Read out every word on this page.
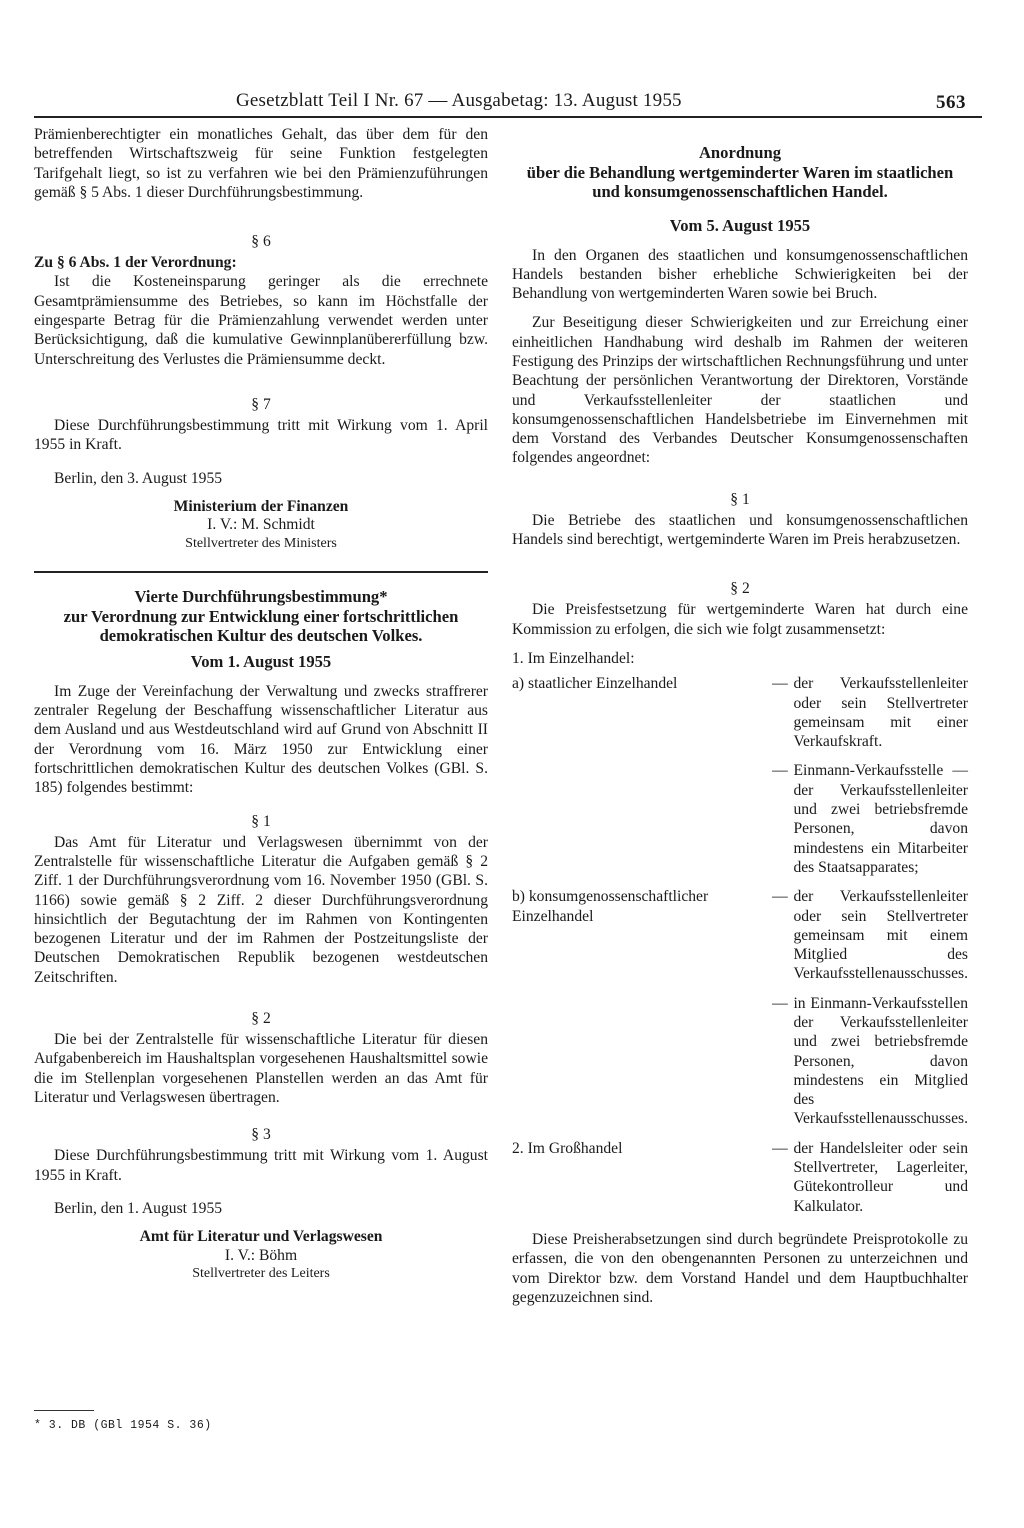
Gesetzblatt Teil I Nr. 67 — Ausgabetag: 13. August 1955	563

Prämienberechtigter ein monatliches Gehalt, das über dem für den betreffenden Wirtschaftszweig für seine Funktion festgelegten Tarifgehalt liegt, so ist zu verfahren wie bei den Prämienzuführungen gemäß § 5 Abs. 1 dieser Durchführungsbestimmung.

§ 6
Zu § 6 Abs. 1 der Verordnung:

Ist die Kosteneinsparung geringer als die errechnete Gesamtprämiensumme des Betriebes, so kann im Höchstfalle der eingesparte Betrag für die Prämienzahlung verwendet werden unter Berücksichtigung, daß die kumulative Gewinnplanübererfüllung bzw. Unterschreitung des Verlustes die Prämiensumme deckt.

§ 7

Diese Durchführungsbestimmung tritt mit Wirkung vom 1. April 1955 in Kraft.

Berlin, den 3. August 1955

Ministerium der Finanzen
I. V.: M. Schmidt
Stellvertreter des Ministers
Vierte Durchführungsbestimmung*
zur Verordnung zur Entwicklung einer fortschrittlichen demokratischen Kultur des deutschen Volkes.
Vom 1. August 1955

Im Zuge der Vereinfachung der Verwaltung und zwecks straffrerer zentraler Regelung der Beschaffung wissenschaftlicher Literatur aus dem Ausland und aus Westdeutschland wird auf Grund von Abschnitt II der Verordnung vom 16. März 1950 zur Entwicklung einer fortschrittlichen demokratischen Kultur des deutschen Volkes (GBl. S. 185) folgendes bestimmt:

§ 1

Das Amt für Literatur und Verlagswesen übernimmt von der Zentralstelle für wissenschaftliche Literatur die Aufgaben gemäß § 2 Ziff. 1 der Durchführungsverordnung vom 16. November 1950 (GBl. S. 1166) sowie gemäß § 2 Ziff. 2 dieser Durchführungsverordnung hinsichtlich der Begutachtung der im Rahmen von Kontingenten bezogenen Literatur und der im Rahmen der Postzeitungsliste der Deutschen Demokratischen Republik bezogenen westdeutschen Zeitschriften.

§ 2

Die bei der Zentralstelle für wissenschaftliche Literatur für diesen Aufgabenbereich im Haushaltsplan vorgesehenen Haushaltsmittel sowie die im Stellenplan vorgesehenen Planstellen werden an das Amt für Literatur und Verlagswesen übertragen.

§ 3

Diese Durchführungsbestimmung tritt mit Wirkung vom 1. August 1955 in Kraft.

Berlin, den 1. August 1955

Amt für Literatur und Verlagswesen
I. V.: Böhm
Stellvertreter des Leiters
* 3. DB (GBl 1954 S. 36)
Anordnung
über die Behandlung wertgeminderter Waren im staatlichen und konsumgenossenschaftlichen Handel.
Vom 5. August 1955

In den Organen des staatlichen und konsumgenossenschaftlichen Handels bestanden bisher erhebliche Schwierigkeiten bei der Behandlung von wertgeminderten Waren sowie bei Bruch.

Zur Beseitigung dieser Schwierigkeiten und zur Erreichung einer einheitlichen Handhabung wird deshalb im Rahmen der weiteren Festigung des Prinzips der wirtschaftlichen Rechnungsführung und unter Beachtung der persönlichen Verantwortung der Direktoren, Vorstände und Verkaufsstellenleiter der staatlichen und konsumgenossenschaftlichen Handelsbetriebe im Einvernehmen mit dem Vorstand des Verbandes Deutscher Konsumgenossenschaften folgendes angeordnet:

§ 1

Die Betriebe des staatlichen und konsumgenossenschaftlichen Handels sind berechtigt, wertgeminderte Waren im Preis herabzusetzen.

§ 2

Die Preisfestsetzung für wertgeminderte Waren hat durch eine Kommission zu erfolgen, die sich wie folgt zusammensetzt:

1. Im Einzelhandel:
a) staatlicher Einzelhandel	—	der Verkaufsstellenleiter oder sein Stellvertreter gemeinsam mit einer Verkaufskraft.

	—	Einmann-Verkaufsstelle — der Verkaufsstellenleiter und zwei betriebsfremde Personen, davon mindestens ein Mitarbeiter des Staatsapparates;

b) konsumgenossenschaftlicher Einzelhandel	—	der Verkaufsstellenleiter oder sein Stellvertreter gemeinsam mit einem Mitglied des Verkaufsstellenausschusses.

	—	in Einmann-Verkaufsstellen der Verkaufsstellenleiter und zwei betriebsfremde Personen, davon mindestens ein Mitglied des Verkaufsstellenausschusses.

2. Im Großhandel	—	der Handelsleiter oder sein Stellvertreter, Lagerleiter, Gütekontrolleur und Kalkulator.

Diese Preisherabsetzungen sind durch begründete Preisprotokolle zu erfassen, die von den obengenannten Personen zu unterzeichnen und vom Direktor bzw. dem Vorstand Handel und dem Hauptbuchhalter gegenzuzeichnen sind.
